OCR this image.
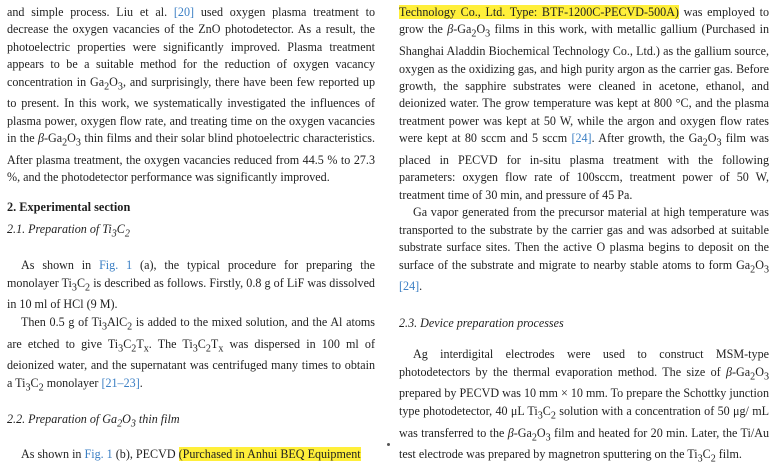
and simple process. Liu et al. [20] used oxygen plasma treatment to decrease the oxygen vacancies of the ZnO photodetector. As a result, the photoelectric properties were significantly improved. Plasma treatment appears to be a suitable method for the reduction of oxygen vacancy concentration in $Ga_2O_3$, and surprisingly, there have been few reported up to present. In this work, we systematically investigated the influences of plasma power, oxygen flow rate, and treating time on the oxygen vacancies in the $\beta-Ga_2O_3$ thin films and their solar blind photoelectric characteristics. After plasma treatment, the oxygen vacancies reduced from 44.5 % to 27.3 %, and the photodetector performance was significantly improved.

2. Experimental section
2.1. Preparation of $Ti_3C_2$

As shown in Fig. 1 (a), the typical procedure for preparing the monolayer $Ti_3C_2$ is described as follows. Firstly, 0.8 g of LiF was dissolved in 10 ml of HCl (9 M).

Then 0.5 g of $Ti_3AlC_2$ is added to the mixed solution, and the Al atoms are etched to give $Ti_3C_2T_x$. The $Ti_3C_2T_x$ was dispersed in 100 ml of deionized water, and the supernatant was centrifuged many times to obtain a $Ti_3C_2$ monolayer [21–23].

2.2. Preparation of $Ga_2O_3$ thin film

As shown in Fig. 1 (b), PECVD (Purchased in Anhui BEQ Equipment

Technology Co., Ltd. Type: BTF-1200C-PECVD-500A) was employed to grow the $\beta-Ga_2O_3$ films in this work, with metallic gallium (Purchased in Shanghai Aladdin Biochemical Technology Co., Ltd.) as the gallium source, oxygen as the oxidizing gas, and high purity argon as the carrier gas. Before growth, the sapphire substrates were cleaned in acetone, ethanol, and deionized water. The grow temperature was kept at 800 °C, and the plasma treatment power was kept at 50 W, while the argon and oxygen flow rates were kept at 80 sccm and 5 sccm [24]. After growth, the $Ga_2O_3$ film was placed in PECVD for in-situ plasma treatment with the following parameters: oxygen flow rate of 100sccm, treatment power of 50 W, treatment time of 30 min, and pressure of 45 Pa.

Ga vapor generated from the precursor material at high temperature was transported to the substrate by the carrier gas and was adsorbed at suitable substrate surface sites. Then the active O plasma begins to deposit on the surface of the substrate and migrate to nearby stable atoms to form $Ga_2O_3$ [24].

2.3. Device preparation processes

Ag interdigital electrodes were used to construct MSM-type photodetectors by the thermal evaporation method. The size of $\beta-Ga_2O_3$ prepared by PECVD was 10 mm × 10 mm. To prepare the Schottky junction type photodetector, 40 μL $Ti_3C_2$ solution with a concentration of 50 μg/ mL was transferred to the $\beta-Ga_2O_3$ film and heated for 20 min. Later, the Ti/Au test electrode was prepared by magnetron sputtering on the $Ti_3C_2$ film.
